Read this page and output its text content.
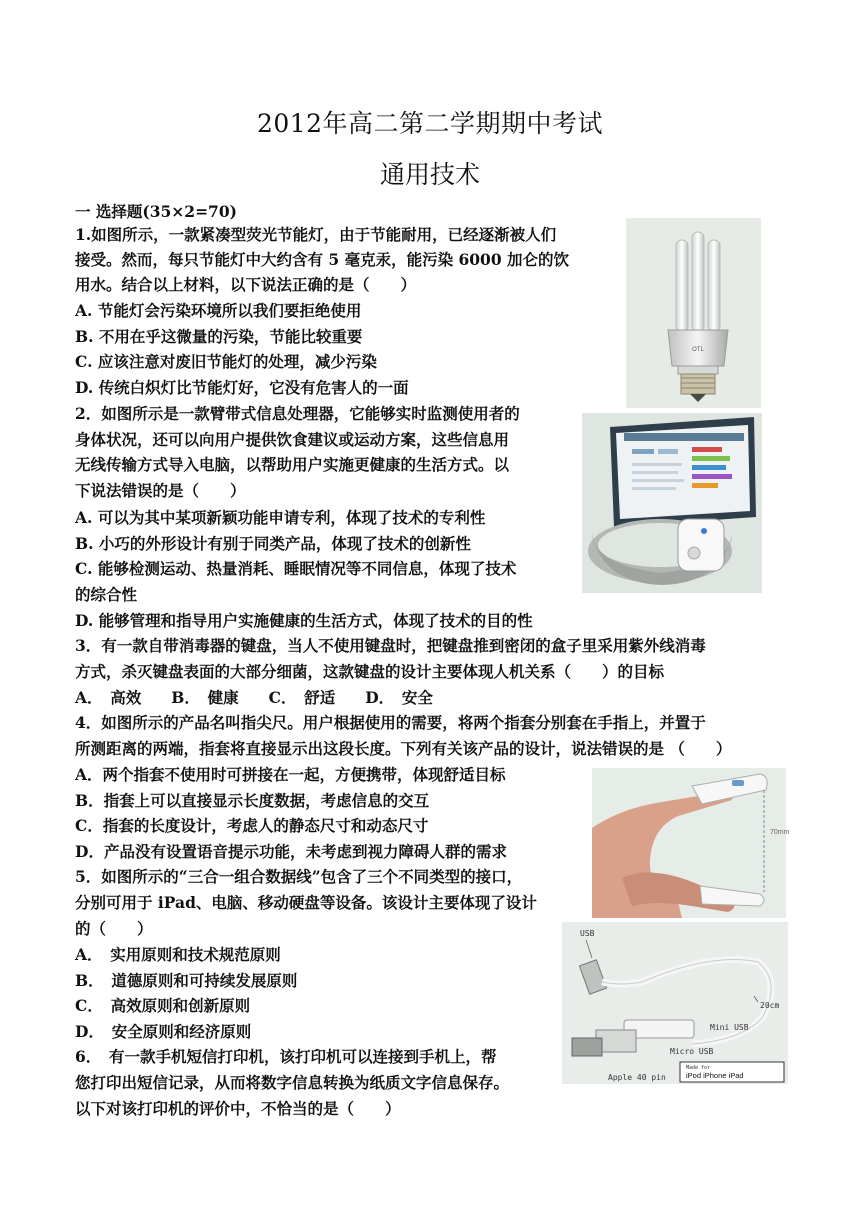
2012年高二第二学期期中考试
通用技术
一 选择题(35×2=70)
1.如图所示，一款紧凑型荧光节能灯，由于节能耐用，已经逐渐被人们
接受。然而，每只节能灯中大约含有 5 毫克汞，能污染 6000 加仑的饮
用水。结合以上材料，以下说法正确的是（　　）
A. 节能灯会污染环境所以我们要拒绝使用
B. 不用在乎这微量的污染，节能比较重要
C. 应该注意对废旧节能灯的处理，减少污染
D. 传统白炽灯比节能灯好，它没有危害人的一面
OTL
2．如图所示是一款臂带式信息处理器，它能够实时监测使用者的
身体状况，还可以向用户提供饮食建议或运动方案，这些信息用
无线传输方式导入电脑，以帮助用户实施更健康的生活方式。以
下说法错误的是（　　）
A. 可以为其中某项新颖功能申请专利，体现了技术的专利性
B. 小巧的外形设计有别于同类产品，体现了技术的创新性
C. 能够检测运动、热量消耗、睡眠情况等不同信息，体现了技术
的综合性
D. 能够管理和指导用户实施健康的生活方式，体现了技术的目的性
3．有一款自带消毒器的键盘，当人不使用键盘时，把键盘推到密闭的盒子里采用紫外线消毒
方式，杀灭键盘表面的大部分细菌，这款键盘的设计主要体现人机关系（　　）的目标
A．　高效 B．　健康 C．　舒适 D．　安全
4．如图所示的产品名叫指尖尺。用户根据使用的需要，将两个指套分别套在手指上，并置于
所测距离的两端，指套将直接显示出这段长度。下列有关该产品的设计，说法错误的是 （　　）
A．两个指套不使用时可拼接在一起，方便携带，体现舒适目标
B．指套上可以直接显示长度数据，考虑信息的交互
C．指套的长度设计，考虑人的静态尺寸和动态尺寸
D．产品没有设置语音提示功能，未考虑到视力障碍人群的需求
70mm
5．如图所示的“三合一组合数据线”包含了三个不同类型的接口，
分别可用于 iPad、电脑、移动硬盘等设备。该设计主要体现了设计
的（　　）
A．　实用原则和技术规范原则
B．　道德原则和可持续发展原则
C．　高效原则和创新原则
D．　安全原则和经济原则
USB
20cm
Mini USB
Micro USB
Apple 40 pin
Made for
iPod iPhone iPad
6．　有一款手机短信打印机，该打印机可以连接到手机上，帮
您打印出短信记录，从而将数字信息转换为纸质文字信息保存。
以下对该打印机的评价中，不恰当的是（　　）
